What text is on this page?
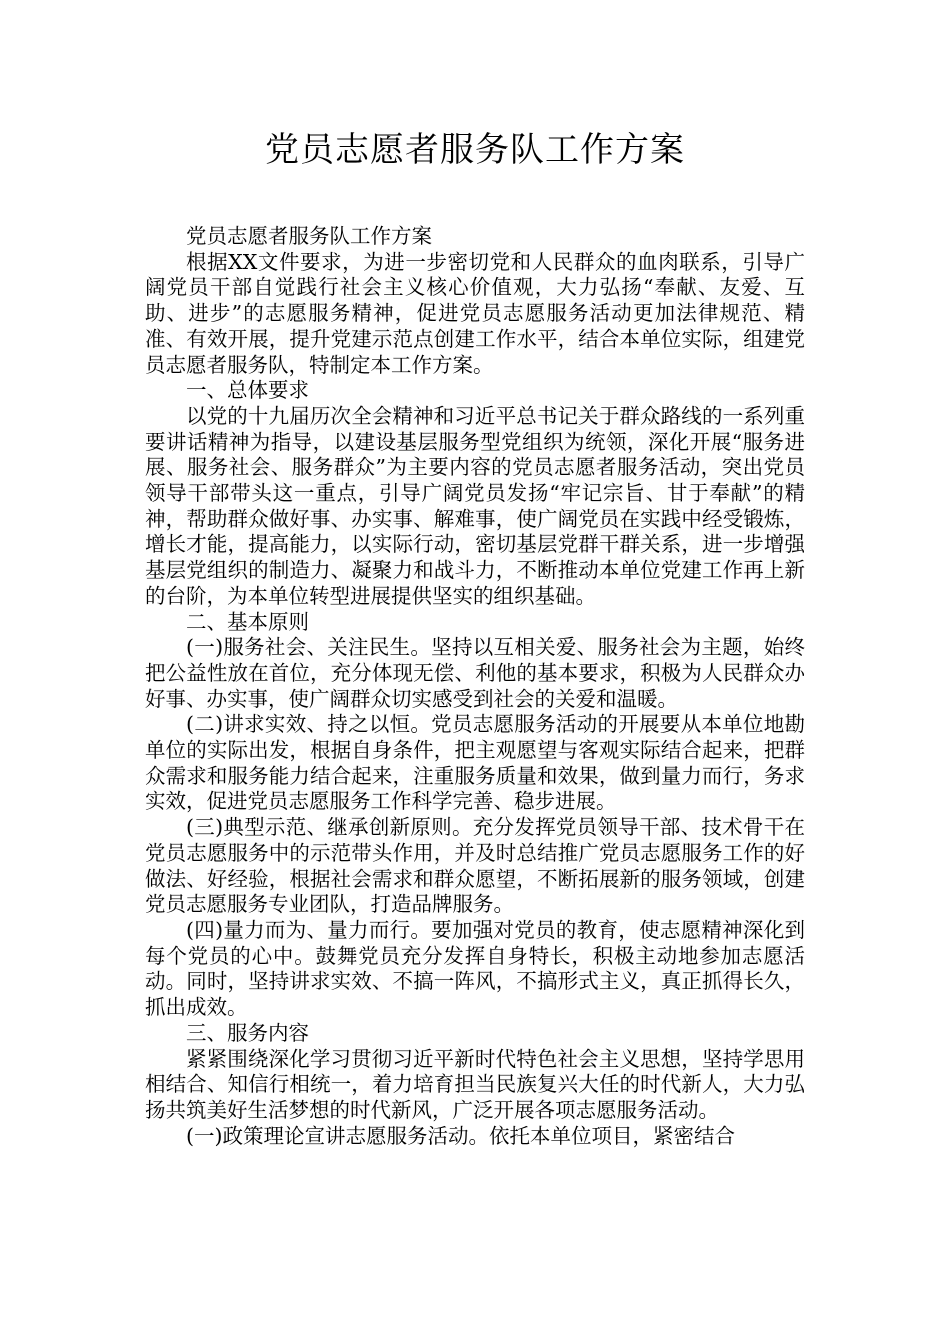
党员志愿者服务队工作方案

党员志愿者服务队工作方案

根据XX文件要求，为进一步密切党和人民群众的血肉联系，引导广阔党员干部自觉践行社会主义核心价值观，大力弘扬“奉献、友爱、互助、进步”的志愿服务精神，促进党员志愿服务活动更加法律规范、精准、有效开展，提升党建示范点创建工作水平，结合本单位实际，组建党员志愿者服务队，特制定本工作方案。

一、总体要求

以党的十九届历次全会精神和习近平总书记关于群众路线的一系列重要讲话精神为指导，以建设基层服务型党组织为统领，深化开展“服务进展、服务社会、服务群众”为主要内容的党员志愿者服务活动，突出党员领导干部带头这一重点，引导广阔党员发扬“牢记宗旨、甘于奉献”的精神，帮助群众做好事、办实事、解难事，使广阔党员在实践中经受锻炼，增长才能，提高能力，以实际行动，密切基层党群干群关系，进一步增强基层党组织的制造力、凝聚力和战斗力，不断推动本单位党建工作再上新的台阶，为本单位转型进展提供坚实的组织基础。

二、基本原则

(一)服务社会、关注民生。坚持以互相关爱、服务社会为主题，始终把公益性放在首位，充分体现无偿、利他的基本要求，积极为人民群众办好事、办实事，使广阔群众切实感受到社会的关爱和温暖。

(二)讲求实效、持之以恒。党员志愿服务活动的开展要从本单位地勘单位的实际出发，根据自身条件，把主观愿望与客观实际结合起来，把群众需求和服务能力结合起来，注重服务质量和效果，做到量力而行，务求实效，促进党员志愿服务工作科学完善、稳步进展。

(三)典型示范、继承创新原则。充分发挥党员领导干部、技术骨干在党员志愿服务中的示范带头作用，并及时总结推广党员志愿服务工作的好做法、好经验，根据社会需求和群众愿望，不断拓展新的服务领域，创建党员志愿服务专业团队，打造品牌服务。

(四)量力而为、量力而行。要加强对党员的教育，使志愿精神深化到每个党员的心中。鼓舞党员充分发挥自身特长，积极主动地参加志愿活动。同时，坚持讲求实效、不搞一阵风，不搞形式主义，真正抓得长久，抓出成效。

三、服务内容

紧紧围绕深化学习贯彻习近平新时代特色社会主义思想，坚持学思用相结合、知信行相统一，着力培育担当民族复兴大任的时代新人，大力弘扬共筑美好生活梦想的时代新风，广泛开展各项志愿服务活动。

(一)政策理论宣讲志愿服务活动。依托本单位项目，紧密结合
